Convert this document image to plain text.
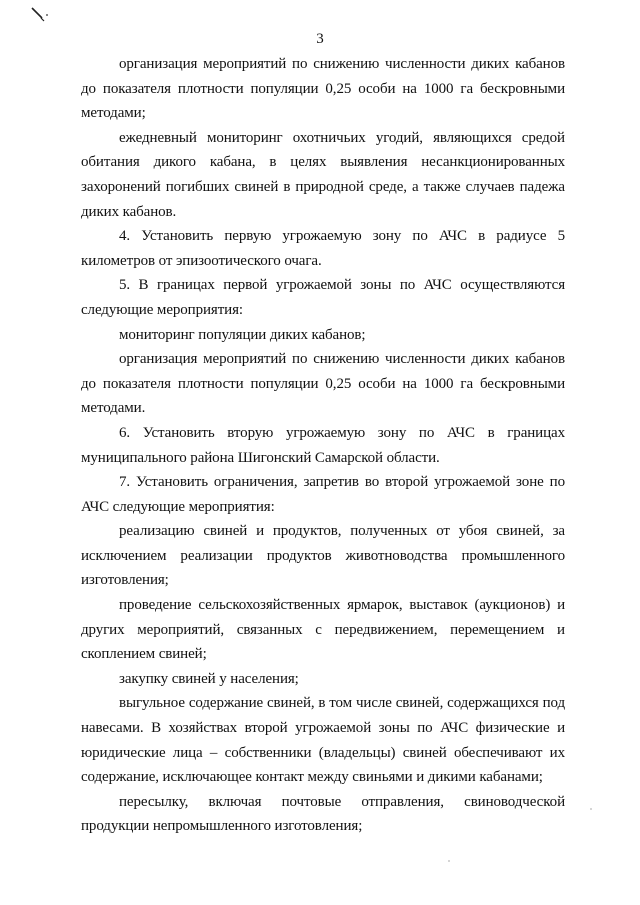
3

организация мероприятий по снижению численности диких кабанов до показателя плотности популяции 0,25 особи на 1000 га бескровными методами;

ежедневный мониторинг охотничьих угодий, являющихся средой обитания дикого кабана, в целях выявления несанкционированных захоронений погибших свиней в природной среде, а также случаев падежа диких кабанов.

4. Установить первую угрожаемую зону по АЧС в радиусе 5 километров от эпизоотического очага.

5. В границах первой угрожаемой зоны по АЧС осуществляются следующие мероприятия:

мониторинг популяции диких кабанов;

организация мероприятий по снижению численности диких кабанов до показателя плотности популяции 0,25 особи на 1000 га бескровными методами.

6. Установить вторую угрожаемую зону по АЧС в границах муниципального района Шигонский Самарской области.

7. Установить ограничения, запретив во второй угрожаемой зоне по АЧС следующие мероприятия:

реализацию свиней и продуктов, полученных от убоя свиней, за исключением реализации продуктов животноводства промышленного изготовления;

проведение сельскохозяйственных ярмарок, выставок (аукционов) и других мероприятий, связанных с передвижением, перемещением и скоплением свиней;

закупку свиней у населения;

выгульное содержание свиней, в том числе свиней, содержащихся под навесами. В хозяйствах второй угрожаемой зоны по АЧС физические и юридические лица – собственники (владельцы) свиней обеспечивают их содержание, исключающее контакт между свиньями и дикими кабанами;

пересылку, включая почтовые отправления, свиноводческой продукции непромышленного изготовления;
